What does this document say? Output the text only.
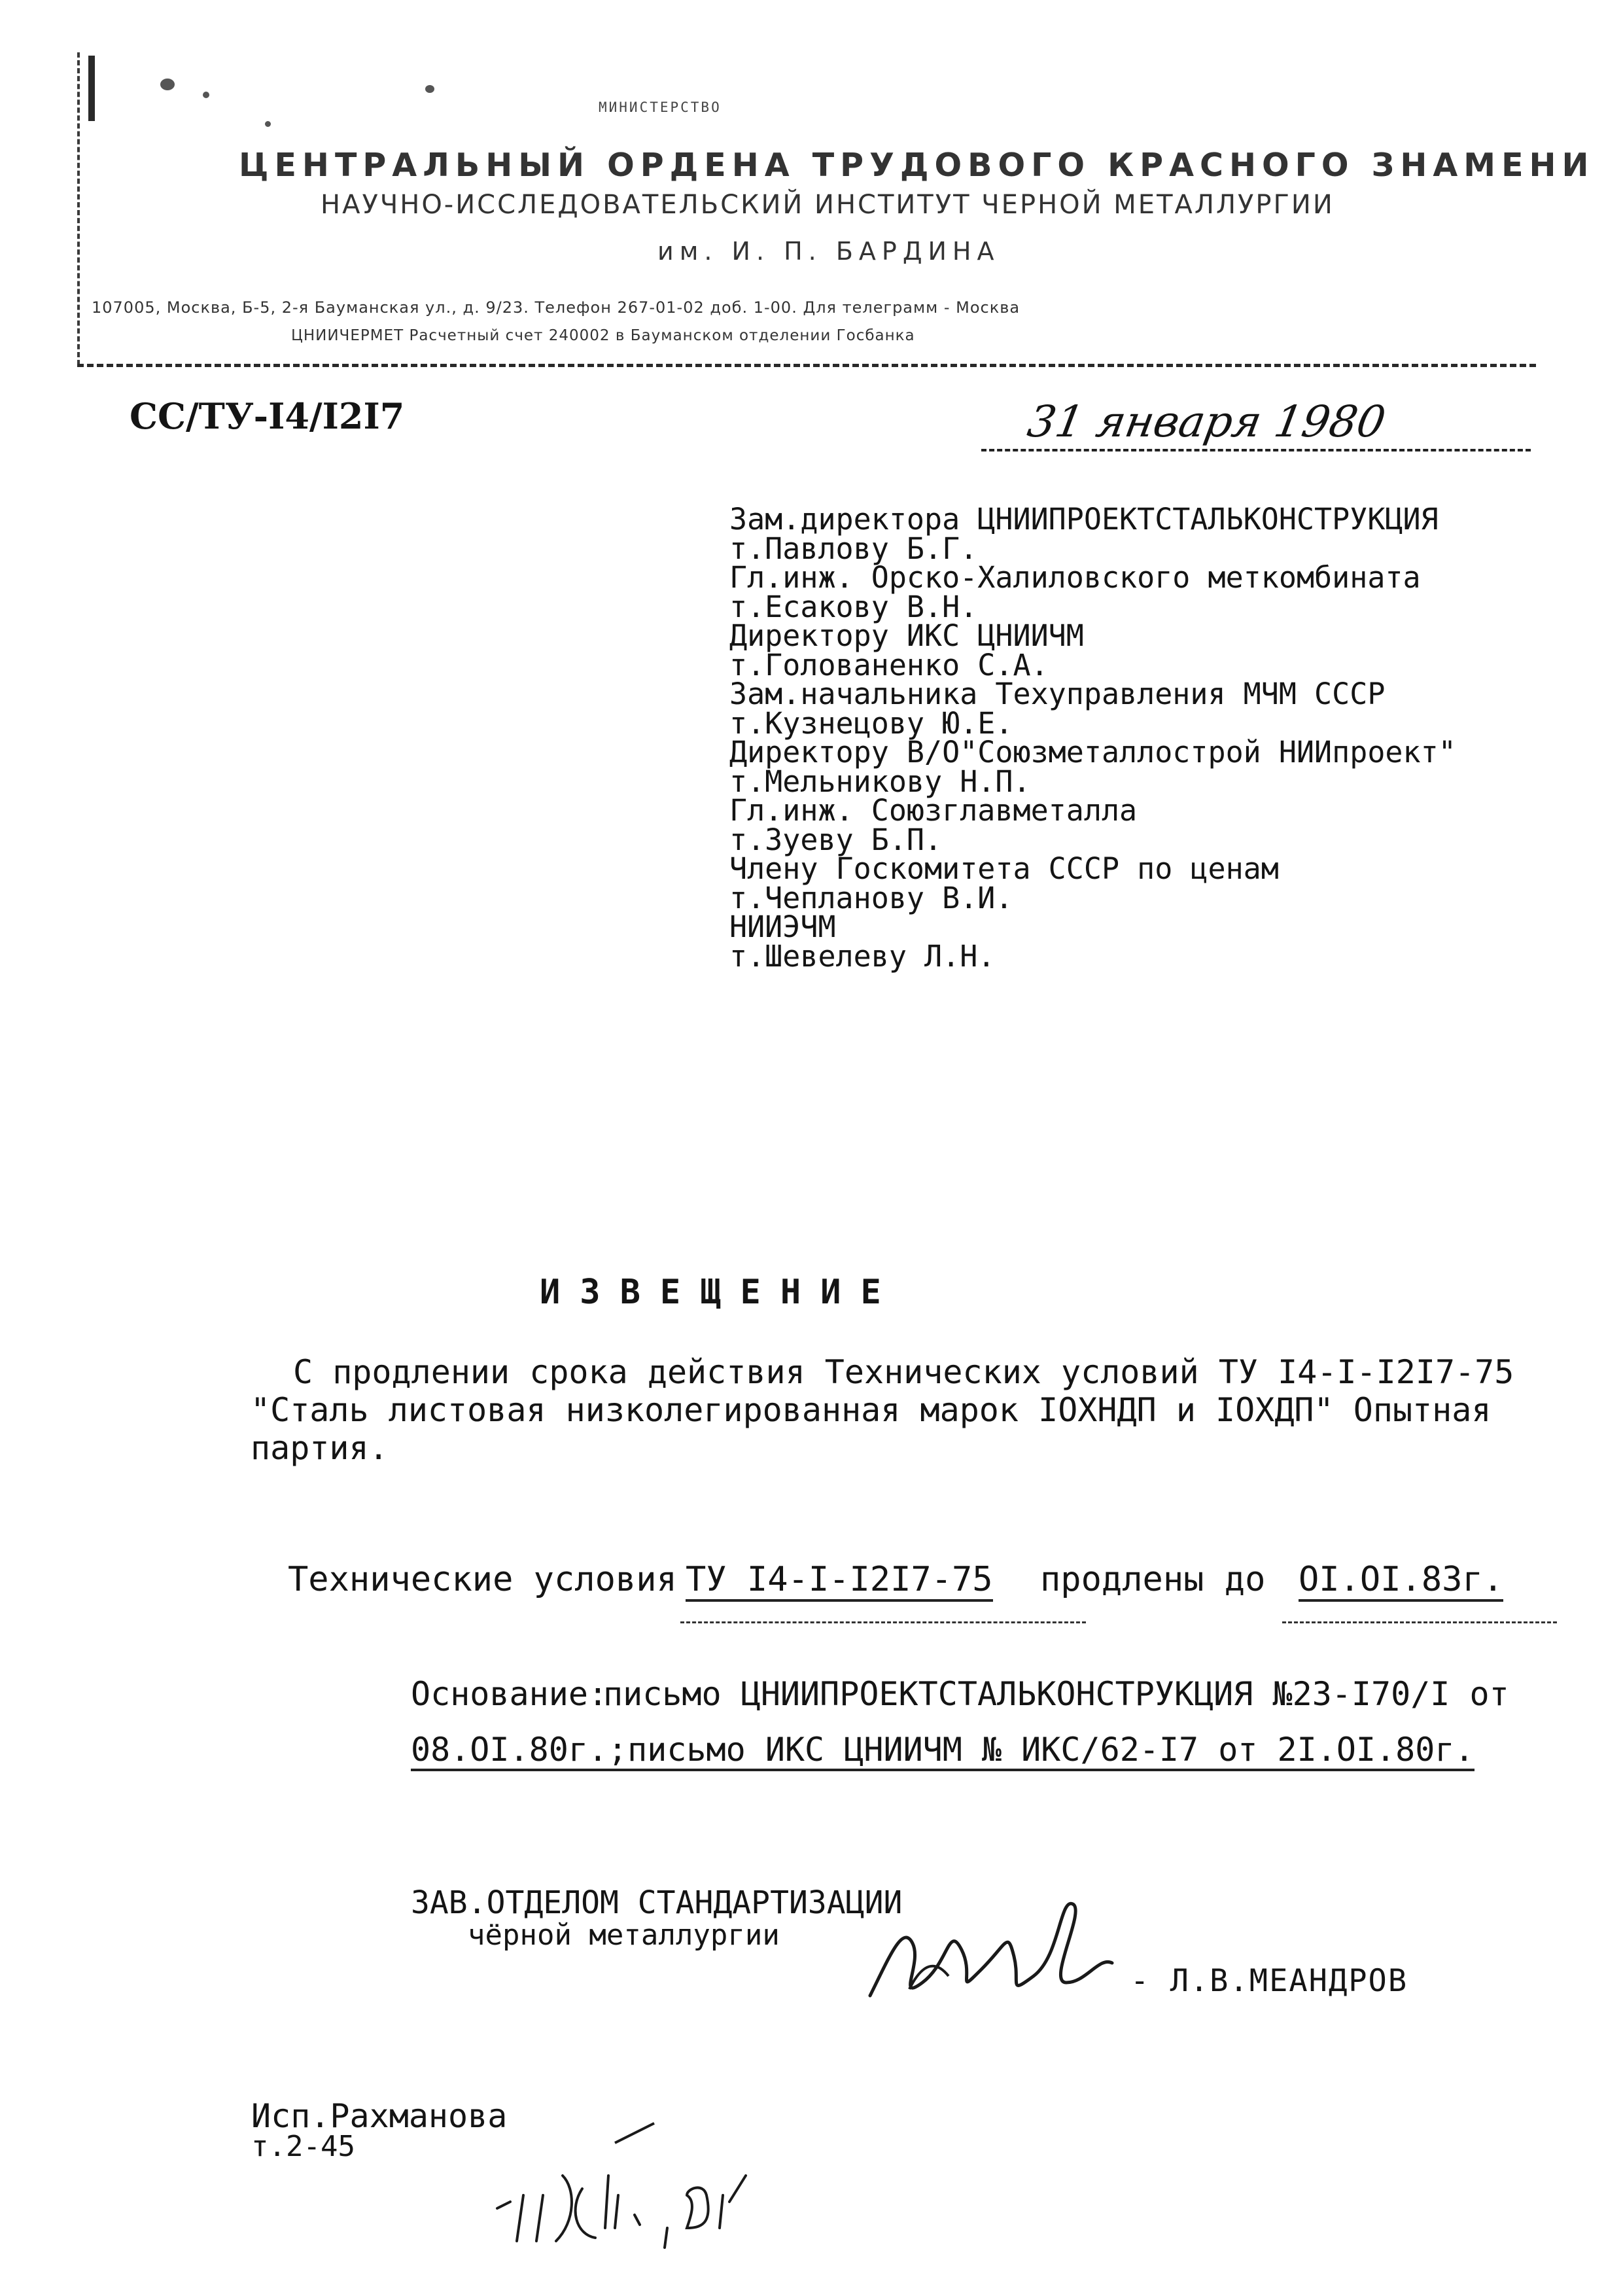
МИНИСТЕРСТВО
ЦЕНТРАЛЬНЫЙ ОРДЕНА ТРУДОВОГО КРАСНОГО ЗНАМЕНИ
НАУЧНО-ИССЛЕДОВАТЕЛЬСКИЙ ИНСТИТУТ ЧЕРНОЙ МЕТАЛЛУРГИИ
им. И. П. БАРДИНА
107005, Москва, Б-5, 2-я Бауманская ул., д. 9/23. Телефон 267-01-02 доб. 1-00. Для телеграмм - Москва
ЦНИИЧЕРМЕТ Расчетный счет 240002 в Бауманском отделении Госбанка
СС/ТУ-I4/I2I7	31 января 1980
Зам.директора ЦНИИПРОЕКТСТАЛЬКОНСТРУКЦИЯ
т.Павлову Б.Г.
Гл.инж. Орско-Халиловского меткомбината
т.Есакову В.Н.
Директору ИКС ЦНИИЧМ
т.Голованенко С.А.
Зам.начальника Техуправления МЧМ СССР
т.Кузнецову Ю.Е.
Директору В/О"Союзметаллострой НИИпроект"
т.Мельникову Н.П.
Гл.инж. Союзглавметалла
т.Зуеву Б.П.
Члену Госкомитета СССР по ценам
т.Чепланову В.И.
НИИЭЧМ
т.Шевелеву Л.Н.
ИЗВЕЩЕНИЕ
С продлении срока действия Технических условий ТУ I4-I-I2I7-75
"Сталь листовая низколегированная марок IОХНДП и IОХДП" Опытная
партия.
Технические условия ТУ I4-I-I2I7-75 продлены до OI.OI.83г.
Основание:
письмо ЦНИИПРОЕКТСТАЛЬКОНСТРУКЦИЯ №23-I70/I от
08.OI.80г.;письмо ИКС ЦНИИЧМ № ИКС/62-I7 от 2I.OI.80г.
ЗАВ.ОТДЕЛОМ СТАНДАРТИЗАЦИИ
чёрной металлургии
- Л.В.МЕАНДРОВ
Исп.Рахманова
т.2-45
